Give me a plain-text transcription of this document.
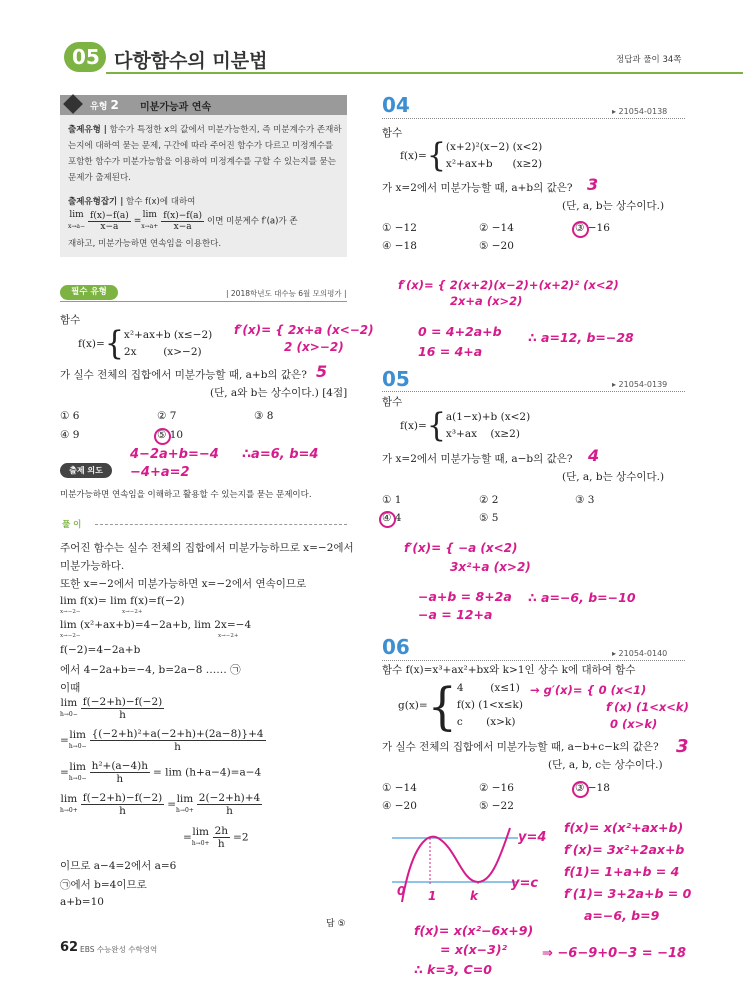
05 다항함수의 미분법	정답과 풀이 34쪽
유형 2 미분가능과 연속
출제유형 | 함수가 특정한 x의 값에서 미분가능한지, 즉 미분계수가 존재하는지에 대하여 묻는 문제, 구간에 따라 주어진 함수가 다르고 미정계수를 포함한 함수가 미분가능함을 이용하여 미정계수를 구할 수 있는지를 묻는 문제가 출제된다.
출제유형잡기 | 함수 f(x)에 대하여
lim
$x\to a- \frac{f(x)-f(a)}{x-a} =\lim$
$x\to a+ \frac{f(x)-f(a)}{x-a}$ 이면 미분계수 f′(a)가 존
재하고, 미분가능하면 연속임을 이용한다.
필수 유형	| 2018학년도 대수능 6월 모의평가 |
함수
f(x)={ x²+ax+b (x≤−2)
2x        (x>−2)
가 실수 전체의 집합에서 미분가능할 때, a+b의 값은?
(단, a와 b는 상수이다.) [4점]
① 6	② 7	③ 8
④ 9	⑤ 10
출제 의도
미분가능하면 연속임을 이해하고 활용할 수 있는지를 묻는 문제이다.
풀 이
주어진 함수는 실수 전체의 집합에서 미분가능하므로 x=−2에서
미분가능하다.
또한 x=−2에서 미분가능하면 x=−2에서 연속이므로
lim f(x)= lim f(x)=f(−2)
x→−2−	x→−2+
lim (x²+ax+b)=4−2a+b, lim 2x=−4
x→−2−	x→−2+
f(−2)=4−2a+b
에서 4−2a+b=−4, b=2a−8 …… ㉠
이때
lim
$h\to 0- \frac{f(-2+h)-f(-2)}{h}$
=lim
$h\to 0- \frac{\text{\{(−2+h)²+a(−2+h)+(2a−8)\}+4}}{h}$
=lim
$h\to 0- \frac{\text{h²+(a−4)h}}{h} = \lim (h+a-4)=a-4$
lim
$h\to 0+ \frac{f(-2+h)-f(-2)}{h} =\lim$
$h\to 0+ \frac{2(-2+h)+4}{h}$
=lim
$h\to 0+ \frac{2h}{h} =2$
이므로 a−4=2에서 a=6
㉠에서 b=4이므로
a+b=10
답 ⑤
62 EBS 수능완성 수학영역
04	▸ 21054-0138
함수
f(x)={ (x+2)²(x−2) (x<2)
x²+ax+b      (x≥2)
가 x=2에서 미분가능할 때, a+b의 값은?
(단, a, b는 상수이다.)
① −12	② −14	③ −16
④ −18	⑤ −20
05	▸ 21054-0139
함수
f(x)={ a(1−x)+b (x<2)
x³+ax    (x≥2)
가 x=2에서 미분가능할 때, a−b의 값은?
(단, a, b는 상수이다.)
① 1	② 2	③ 3
④ 4	⑤ 5
06	▸ 21054-0140
함수 f(x)=x³+ax²+bx와 k>1인 상수 k에 대하여 함수
g(x)={ 4        (x≤1)
f(x) (1<x≤k)
c       (x>k)
가 실수 전체의 집합에서 미분가능할 때, a−b+c−k의 값은?
(단, a, b, c는 상수이다.)
① −14	② −16	③ −18
④ −20	⑤ −22
f′(x)= { 2x+a (x<−2)
2 (x>−2)
5
4−2a+b=−4
−4+a=2
∴a=6, b=4
3
f′(x)= { 2(x+2)(x−2)+(x+2)² (x<2)
2x+a (x>2)
0 = 4+2a+b
16 = 4+a
∴ a=12, b=−28
4
f′(x)= { −a (x<2)
3x²+a (x>2)
−a+b = 8+2a
−a = 12+a
∴ a=−6, b=−10
→ g′(x)= { 0 (x<1)
f′(x) (1<x<k)
0 (x>k)
3
y=4
y=c
0 1	k
f(x)= x(x²+ax+b)
f′(x)= 3x²+2ax+b
f(1)= 1+a+b = 4
f′(1)= 3+2a+b = 0
a=−6, b=9
f(x)= x(x²−6x+9)
= x(x−3)²
∴ k=3, C=0
⇒ −6−9+0−3 = −18
